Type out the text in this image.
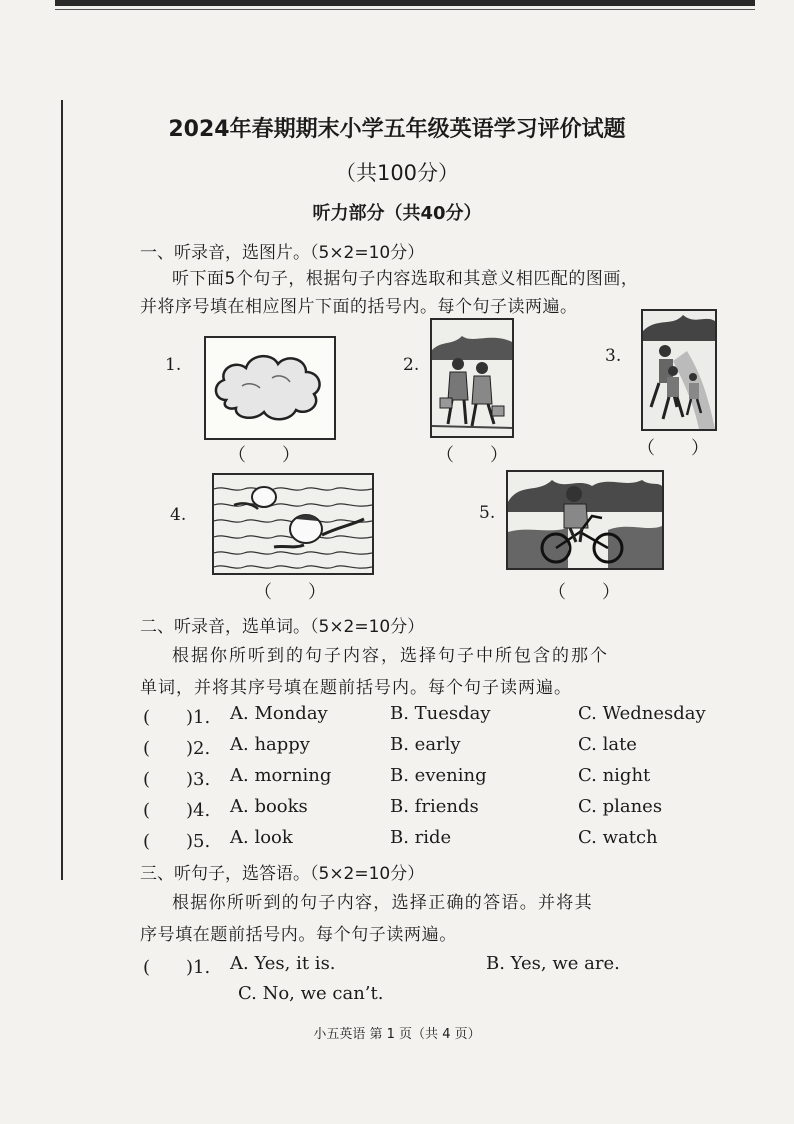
2024年春期期末小学五年级英语学习评价试题
（共100分）
听力部分（共40分）
一、听录音，选图片。（5×2=10分）
听下面5个句子，根据句子内容选取和其意义相匹配的图画，
并将序号填在相应图片下面的括号内。每个句子读两遍。
1.
（　　）
2.
（　　）
3.
（　　）
4.
（　　）
5.
（　　）
二、听录音，选单词。（5×2=10分）
根据你所听到的句子内容，选择句子中所包含的那个
单词，并将其序号填在题前括号内。每个句子读两遍。
(　　)1. A. Monday	B. Tuesday	C. Wednesday
(　　)2. A. happy	B. early	C. late
(　　)3. A. morning	B. evening	C. night
(　　)4. A. books	B. friends	C. planes
(　　)5. A. look	B. ride	C. watch
三、听句子，选答语。（5×2=10分）
根据你所听到的句子内容，选择正确的答语。并将其
序号填在题前括号内。每个句子读两遍。
(　　)1. A. Yes, it is.	B. Yes, we are.
C. No, we can’t.
小五英语 第 1 页（共 4 页）
